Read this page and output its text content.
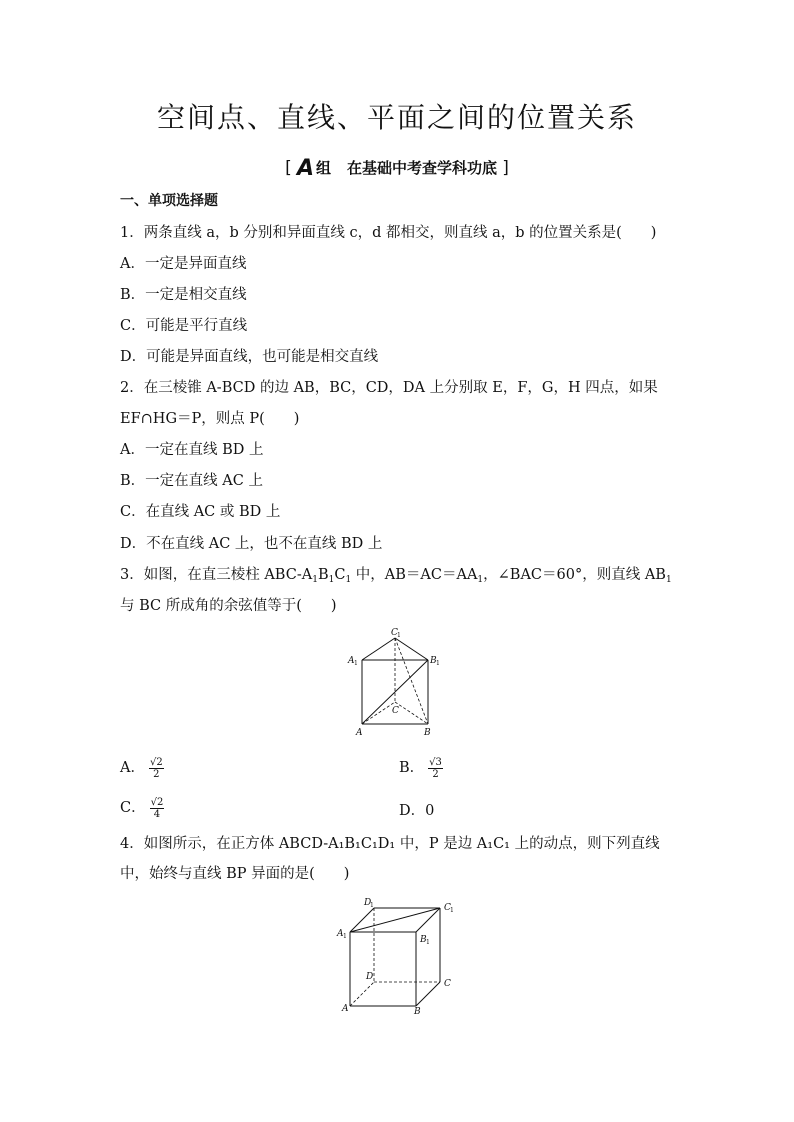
空间点、直线、平面之间的位置关系
[ A 组 在基础中考查学科功底 ]
一、单项选择题
1．两条直线 a，b 分别和异面直线 c，d 都相交，则直线 a，b 的位置关系是(　　)
A．一定是异面直线
B．一定是相交直线
C．可能是平行直线
D．可能是异面直线，也可能是相交直线
2．在三棱锥 A-BCD 的边 AB，BC，CD，DA 上分别取 E，F，G，H 四点，如果
EF∩HG＝P，则点 P(　　)
A．一定在直线 BD 上
B．一定在直线 AC 上
C．在直线 AC 或 BD 上
D．不在直线 AC 上，也不在直线 BD 上
3．如图，在直三棱柱 ABC-$A_1B_1C_1$ 中，$AB=AC=AA_1$，∠BAC＝60°，则直线 $AB_1$
与 BC 所成角的余弦值等于(　　)
C 1
A 1	B 1
C
A	B
A． $\frac{√2}{2}$	B． $\frac{√3}{2}$
C． $\frac{√2}{4}$	D．0
4．如图所示，在正方体 ABCD-A₁B₁C₁D₁ 中，P 是边 A₁C₁ 上的动点，则下列直线
中，始终与直线 BP 异面的是(　　)
D
1	C 1
A 1	B 1
D
C
A	B
